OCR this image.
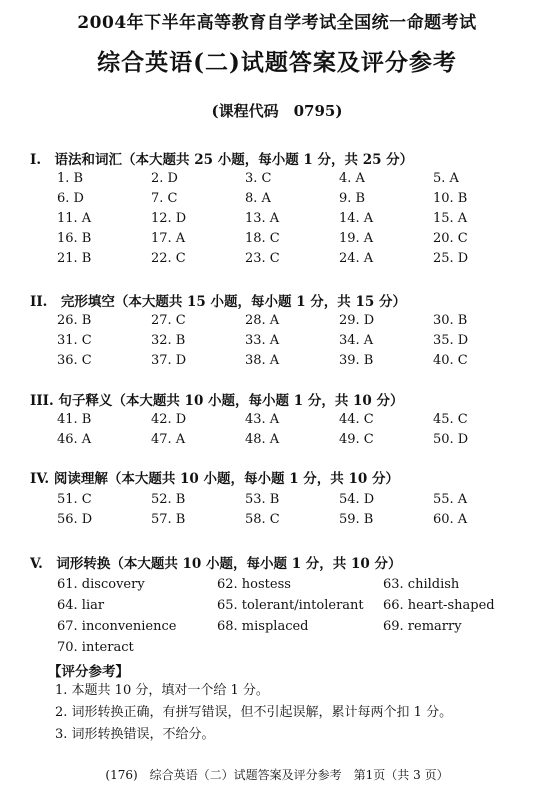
2004年下半年高等教育自学考试全国统一命题考试
综合英语(二)试题答案及评分参考
(课程代码　0795)
I.　语法和词汇（本大题共 25 小题，每小题 1 分，共 25 分）
1. B	2. D	3. C	4. A	5. A
6. D	7. C	8. A	9. B	10. B
11. A	12. D	13. A	14. A	15. A
16. B	17. A	18. C	19. A	20. C
21. B	22. C	23. C	24. A	25. D
II.　完形填空（本大题共 15 小题，每小题 1 分，共 15 分）
26. B	27. C	28. A	29. D	30. B
31. C	32. B	33. A	34. A	35. D
36. C	37. D	38. A	39. B	40. C
III. 句子释义（本大题共 10 小题，每小题 1 分，共 10 分）
41. B	42. D	43. A	44. C	45. C
46. A	47. A	48. A	49. C	50. D
IV. 阅读理解（本大题共 10 小题，每小题 1 分，共 10 分）
51. C	52. B	53. B	54. D	55. A
56. D	57. B	58. C	59. B	60. A
V.　词形转换（本大题共 10 小题，每小题 1 分，共 10 分）
61. discovery	62. hostess	63. childish
64. liar	65. tolerant/intolerant	66. heart-shaped
67. inconvenience	68. misplaced	69. remarry
70. interact
【评分参考】
1. 本题共 10 分，填对一个给 1 分。
2. 词形转换正确，有拼写错误，但不引起误解，累计每两个扣 1 分。
3. 词形转换错误，不给分。
(176)　综合英语（二）试题答案及评分参考　第1页（共 3 页）
